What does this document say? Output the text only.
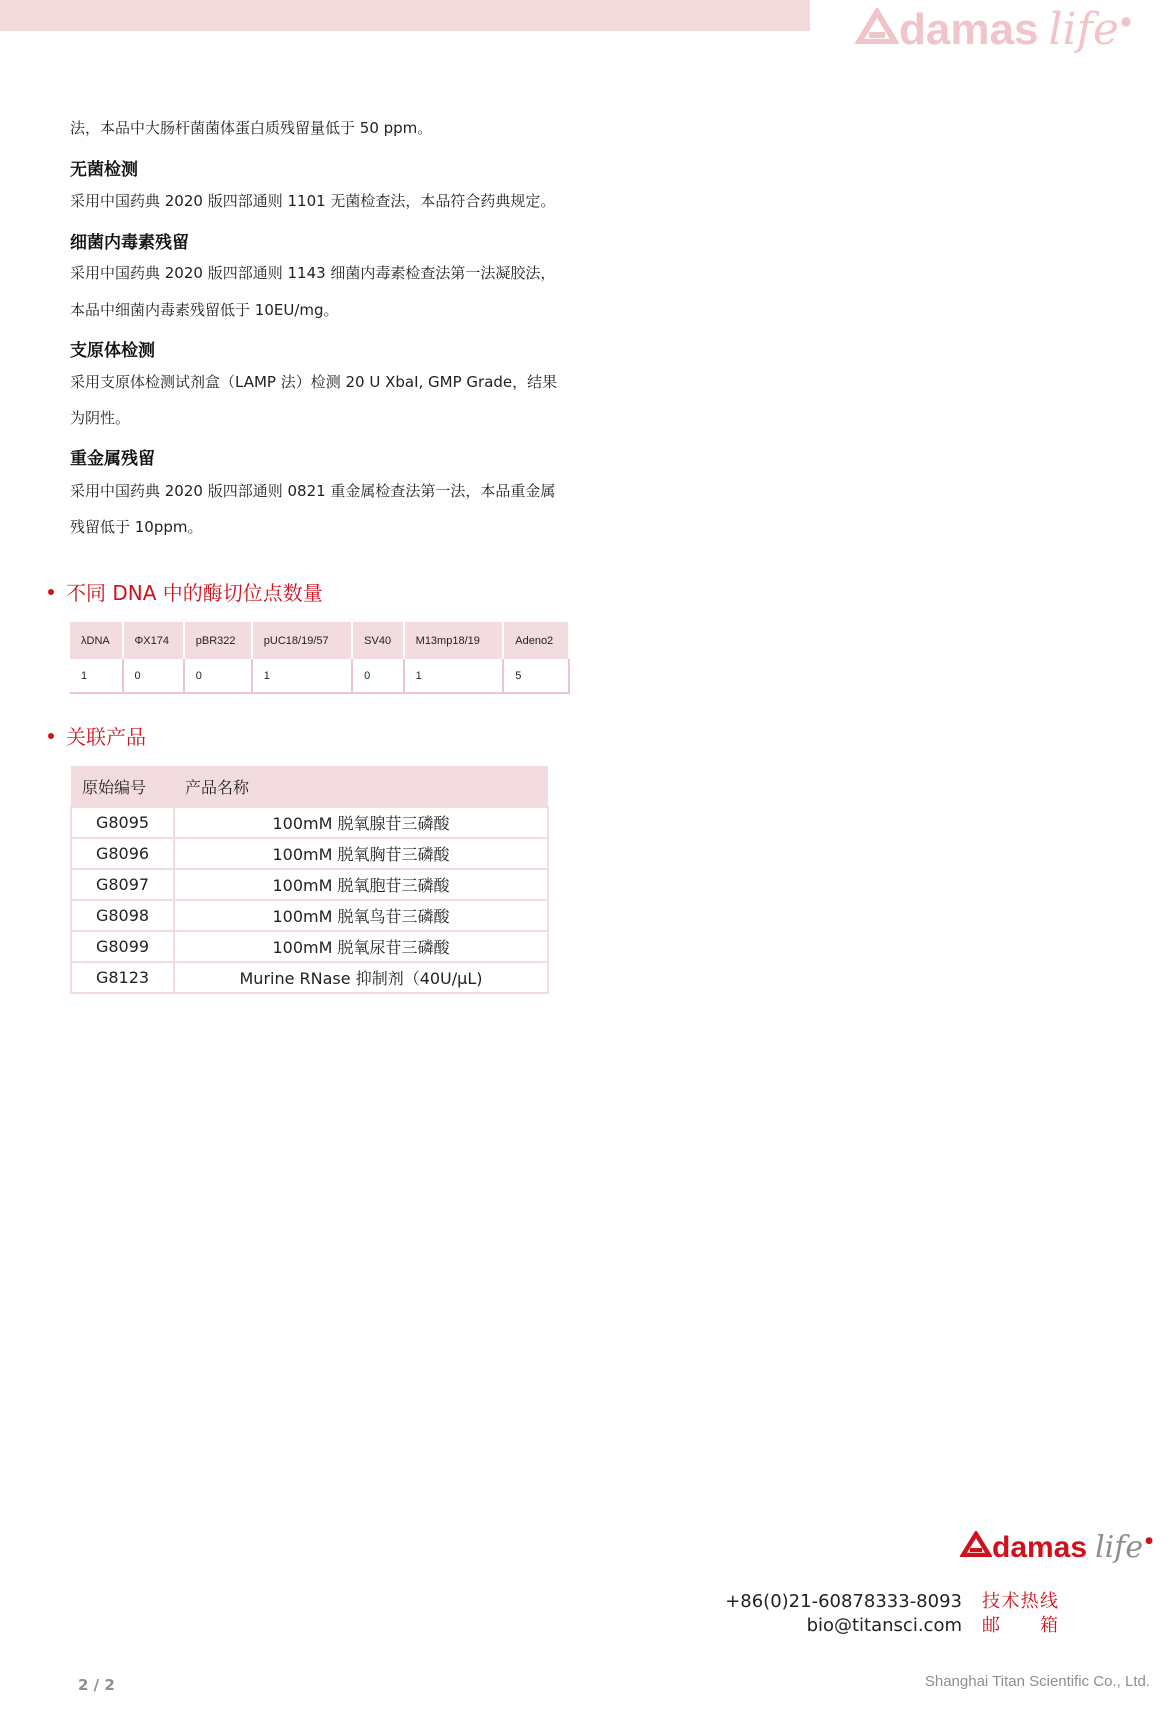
damas life ●
法，本品中大肠杆菌菌体蛋白质残留量低于 50 ppm。
无菌检测
采用中国药典 2020 版四部通则 1101 无菌检查法，本品符合药典规定。
细菌内毒素残留
采用中国药典 2020 版四部通则 1143 细菌内毒素检查法第一法凝胶法，
本品中细菌内毒素残留低于 10EU/mg。
支原体检测
采用支原体检测试剂盒（LAMP 法）检测 20 U XbaI, GMP Grade，结果
为阴性。
重金属残留
采用中国药典 2020 版四部通则 0821 重金属检查法第一法，本品重金属
残留低于 10ppm。
不同 DNA 中的酶切位点数量
λDNA	ΦX174	pBR322	pUC18/19/57	SV40	M13mp18/19	Adeno2
1	0	0	1	0	1	5
关联产品
原始编号	产品名称
G8095	100mM 脱氧腺苷三磷酸
G8096	100mM 脱氧胸苷三磷酸
G8097	100mM 脱氧胞苷三磷酸
G8098	100mM 脱氧鸟苷三磷酸
G8099	100mM 脱氧尿苷三磷酸
G8123	Murine RNase 抑制剂（40U/μL)
damas life ●
+86(0)21-60878333-8093 技术热线
bio@titansci.com 邮箱
2 / 2	Shanghai Titan Scientific Co., Ltd.
